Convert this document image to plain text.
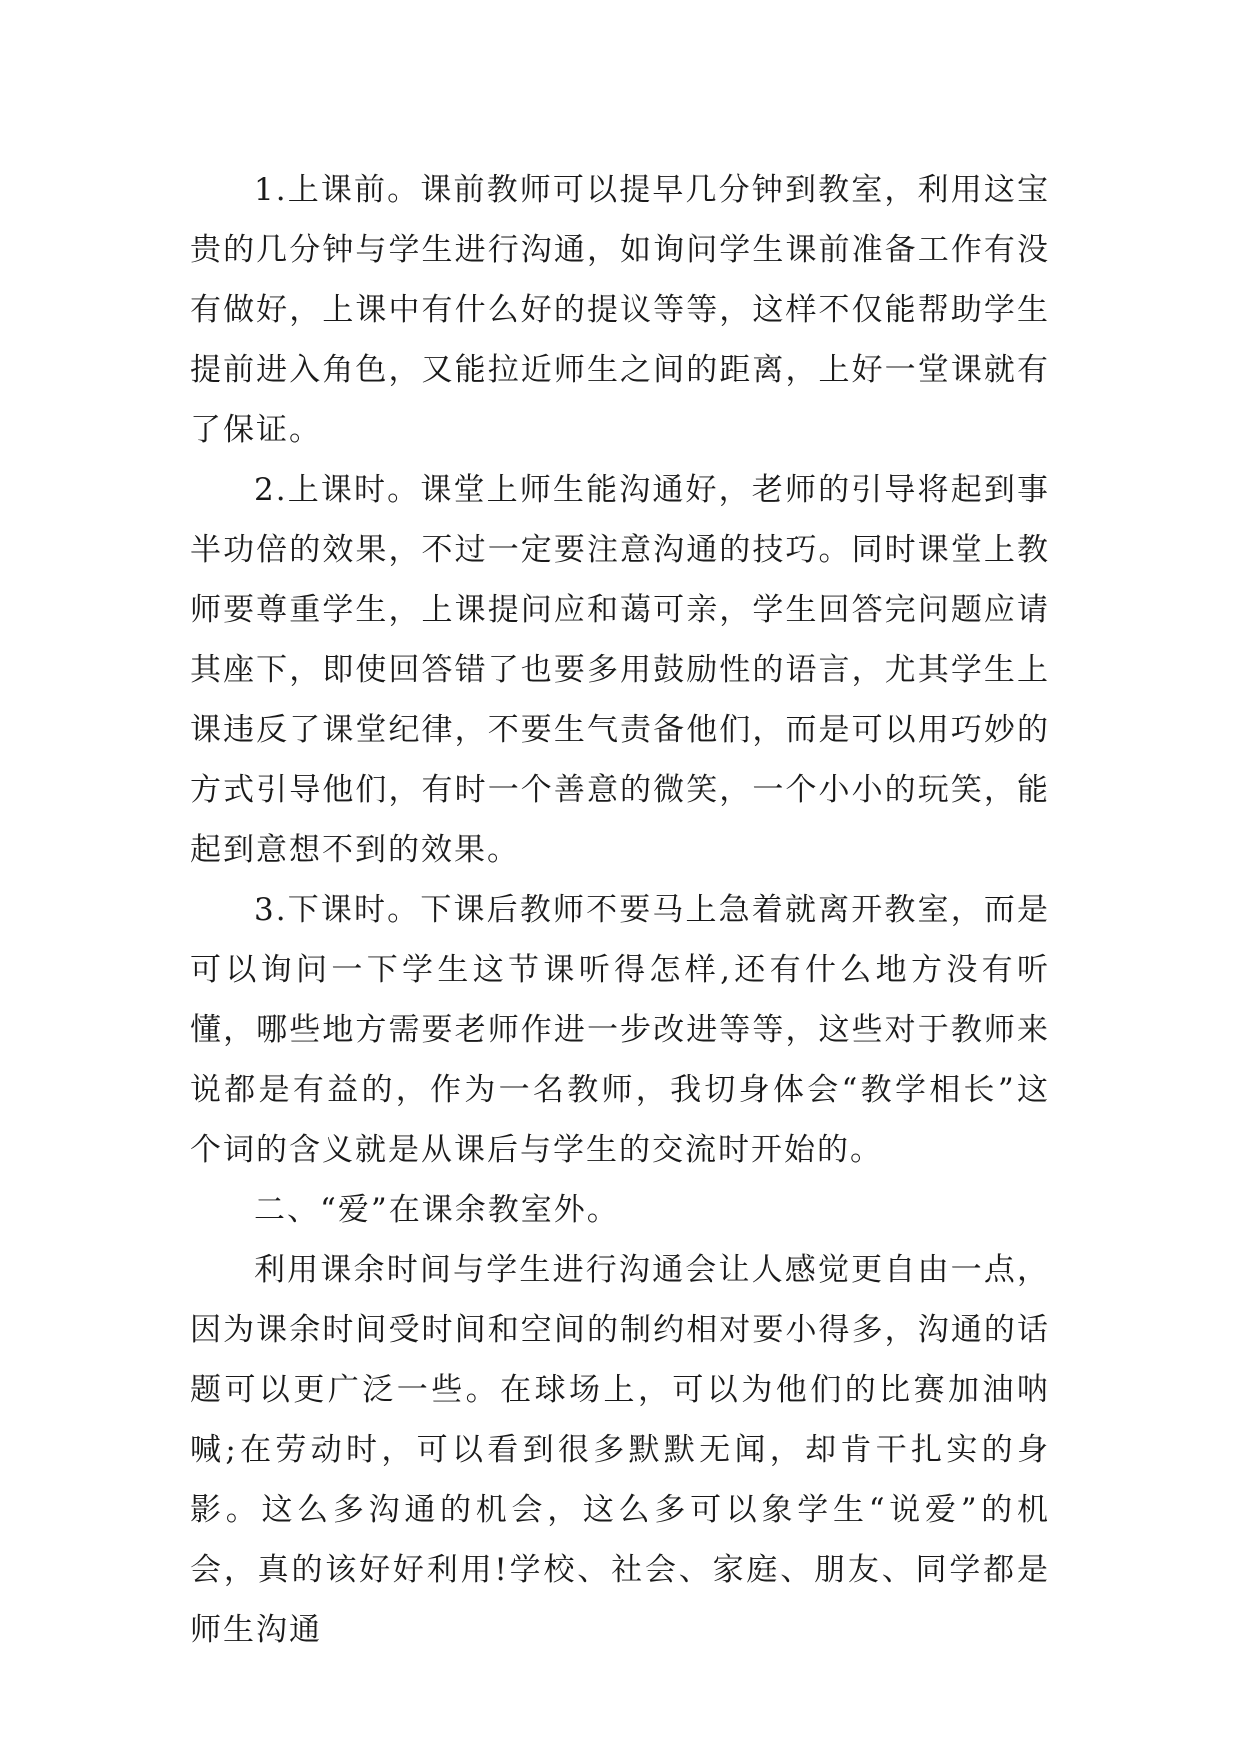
1.上课前。课前教师可以提早几分钟到教室，利用这宝贵的几分钟与学生进行沟通，如询问学生课前准备工作有没有做好，上课中有什么好的提议等等，这样不仅能帮助学生提前进入角色，又能拉近师生之间的距离，上好一堂课就有了保证。

2.上课时。课堂上师生能沟通好，老师的引导将起到事半功倍的效果，不过一定要注意沟通的技巧。同时课堂上教师要尊重学生，上课提问应和蔼可亲，学生回答完问题应请其座下，即使回答错了也要多用鼓励性的语言，尤其学生上课违反了课堂纪律，不要生气责备他们，而是可以用巧妙的方式引导他们，有时一个善意的微笑，一个小小的玩笑，能起到意想不到的效果。

3.下课时。下课后教师不要马上急着就离开教室，而是可以询问一下学生这节课听得怎样,还有什么地方没有听懂，哪些地方需要老师作进一步改进等等，这些对于教师来说都是有益的，作为一名教师，我切身体会“教学相长”这个词的含义就是从课后与学生的交流时开始的。

二、“爱”在课余教室外。

利用课余时间与学生进行沟通会让人感觉更自由一点，因为课余时间受时间和空间的制约相对要小得多，沟通的话题可以更广泛一些。在球场上，可以为他们的比赛加油呐喊;在劳动时，可以看到很多默默无闻，却肯干扎实的身影。这么多沟通的机会，这么多可以象学生“说爱”的机会，真的该好好利用!学校、社会、家庭、朋友、同学都是师生沟通
